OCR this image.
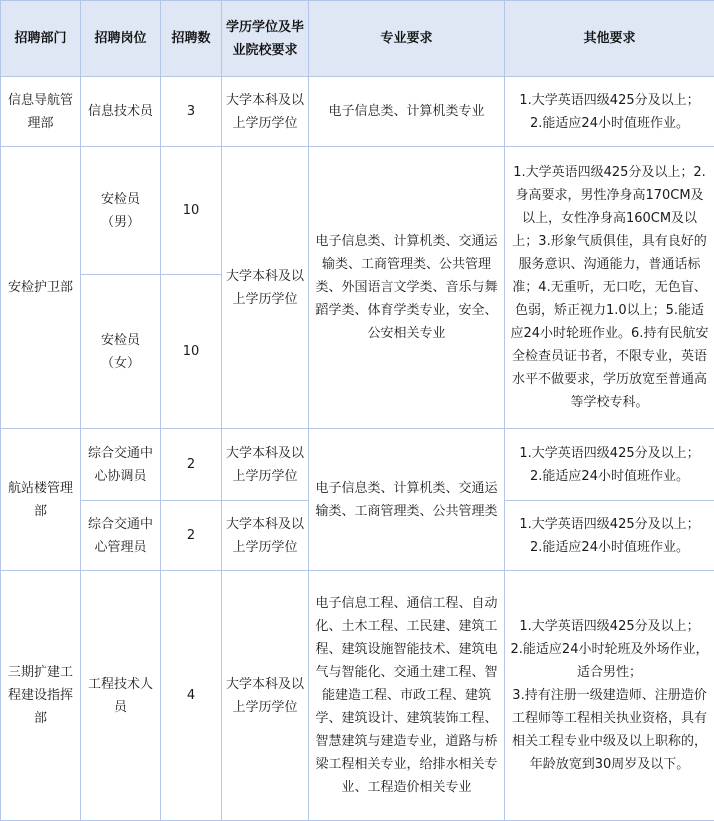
招聘部门	招聘岗位	招聘数	学历学位及毕业院校要求	专业要求	其他要求
信息导航管理部	信息技术员	3	大学本科及以上学历学位	电子信息类、计算机类专业	1.大学英语四级425分及以上；
2.能适应24小时值班作业。

安检护卫部	安检员（男）	10	大学本科及以上学历学位	电子信息类、计算机类、交通运输类、工商管理类、公共管理类、外国语言文学类、音乐与舞蹈学类、体育学类专业，安全、公安相关专业	1.大学英语四级425分及以上；2.身高要求，男性净身高170CM及以上，女性净身高160CM及以上；3.形象气质俱佳，具有良好的服务意识、沟通能力，普通话标准；4.无重听，无口吃，无色盲、色弱，矫正视力1.0以上；5.能适应24小时轮班作业。6.持有民航安全检查员证书者，不限专业，英语水平不做要求，学历放宽至普通高等学校专科。
	安检员（女）	10			
航站楼管理部	综合交通中心协调员	2	大学本科及以上学历学位	电子信息类、计算机类、交通运输类、工商管理类、公共管理类	1.大学英语四级425分及以上；
2.能适应24小时值班作业。

	综合交通中心管理员	2	大学本科及以上学历学位		1.大学英语四级425分及以上；
2.能适应24小时值班作业。

三期扩建工程建设指挥部	工程技术人员	4	大学本科及以上学历学位	电子信息工程、通信工程、自动化、土木工程、工民建、建筑工程、建筑设施智能技术、建筑电气与智能化、交通土建工程、智能建造工程、市政工程、建筑学、建筑设计、建筑装饰工程、智慧建筑与建造专业，道路与桥梁工程相关专业，给排水相关专业、工程造价相关专业	1.大学英语四级425分及以上；
2.能适应24小时轮班及外场作业，适合男性；
3.持有注册一级建造师、注册造价工程师等工程相关执业资格，具有相关工程专业中级及以上职称的，年龄放宽到30周岁及以下。
